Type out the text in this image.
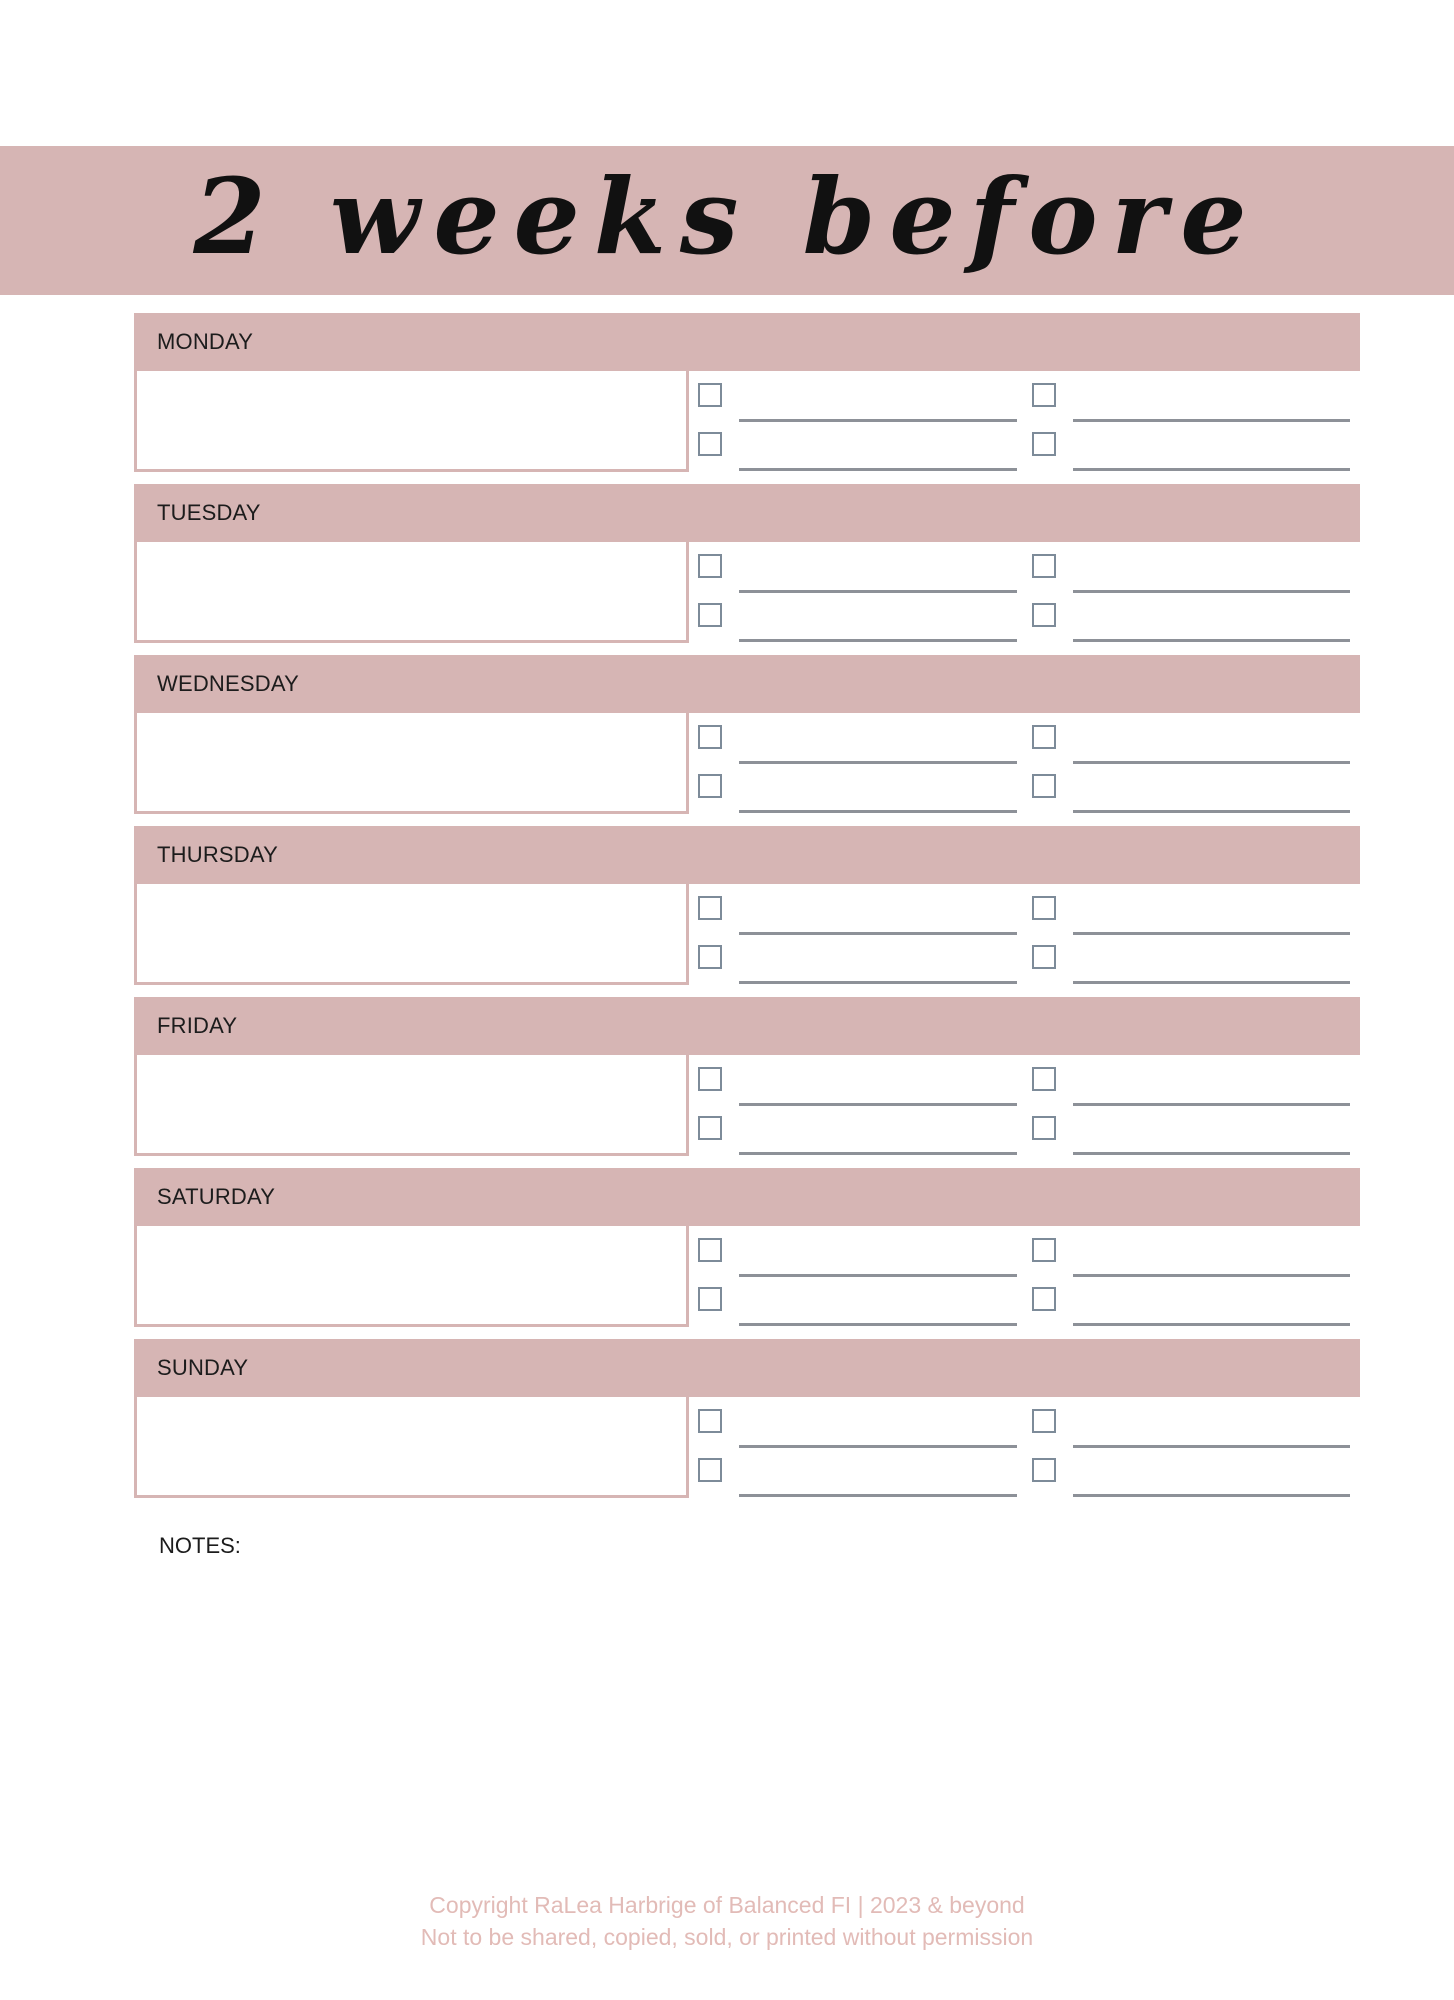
2 weeks before
MONDAY
TUESDAY
WEDNESDAY
THURSDAY
FRIDAY
SATURDAY
SUNDAY
NOTES:
Copyright RaLea Harbrige of Balanced FI | 2023 & beyond
Not to be shared, copied, sold, or printed without permission
